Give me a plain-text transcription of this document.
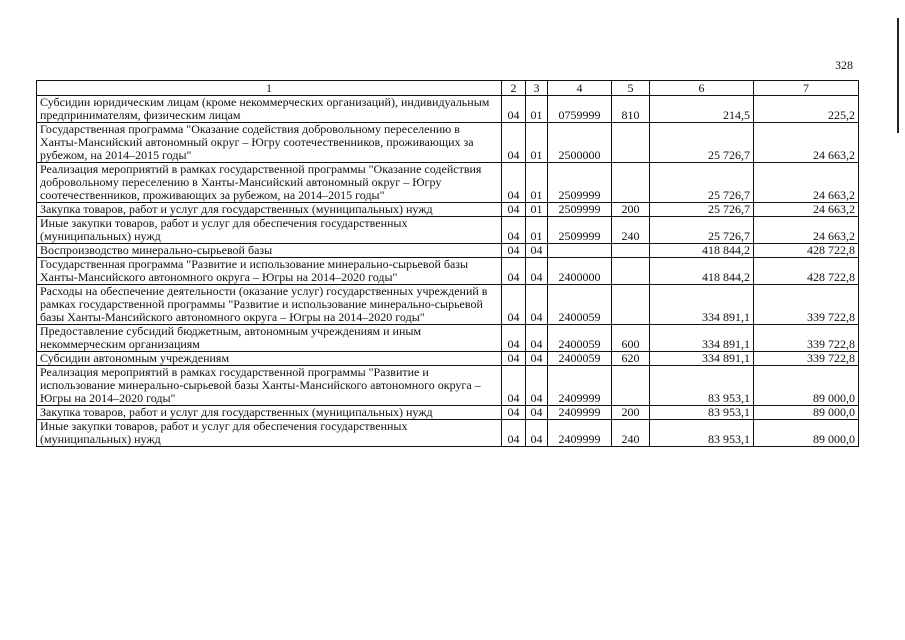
328
1	2	3	4	5	6	7
Субсидии юридическим лицам (кроме некоммерческих организаций), индивидуальным предпринимателям, физическим лицам	04	01	0759999	810	214,5	225,2
Государственная программа "Оказание содействия добровольному переселению в Ханты-Мансийский автономный округ – Югру соотечественников, проживающих за рубежом, на 2014–2015 годы"	04	01	2500000		25 726,7	24 663,2
Реализация мероприятий в рамках государственной программы "Оказание содействия добровольному переселению в Ханты-Мансийский автономный округ – Югру соотечественников, проживающих за рубежом, на 2014–2015 годы"	04	01	2509999		25 726,7	24 663,2
Закупка товаров, работ и услуг для государственных (муниципальных) нужд	04	01	2509999	200	25 726,7	24 663,2
Иные закупки товаров, работ и услуг для обеспечения государственных (муниципальных) нужд	04	01	2509999	240	25 726,7	24 663,2
Воспроизводство минерально-сырьевой базы	04	04			418 844,2	428 722,8
Государственная программа "Развитие и использование минерально-сырьевой базы Ханты-Мансийского автономного округа – Югры на 2014–2020 годы"	04	04	2400000		418 844,2	428 722,8
Расходы на обеспечение деятельности (оказание услуг) государственных учреждений в рамках государственной программы "Развитие и использование минерально-сырьевой базы Ханты-Мансийского автономного округа – Югры на 2014–2020 годы"	04	04	2400059		334 891,1	339 722,8
Предоставление субсидий бюджетным, автономным учреждениям и иным некоммерческим организациям	04	04	2400059	600	334 891,1	339 722,8
Субсидии автономным учреждениям	04	04	2400059	620	334 891,1	339 722,8
Реализация мероприятий в рамках государственной программы "Развитие и использование минерально-сырьевой базы Ханты-Мансийского автономного округа – Югры на 2014–2020 годы"	04	04	2409999		83 953,1	89 000,0
Закупка товаров, работ и услуг для государственных (муниципальных) нужд	04	04	2409999	200	83 953,1	89 000,0
Иные закупки товаров, работ и услуг для обеспечения государственных (муниципальных) нужд	04	04	2409999	240	83 953,1	89 000,0
